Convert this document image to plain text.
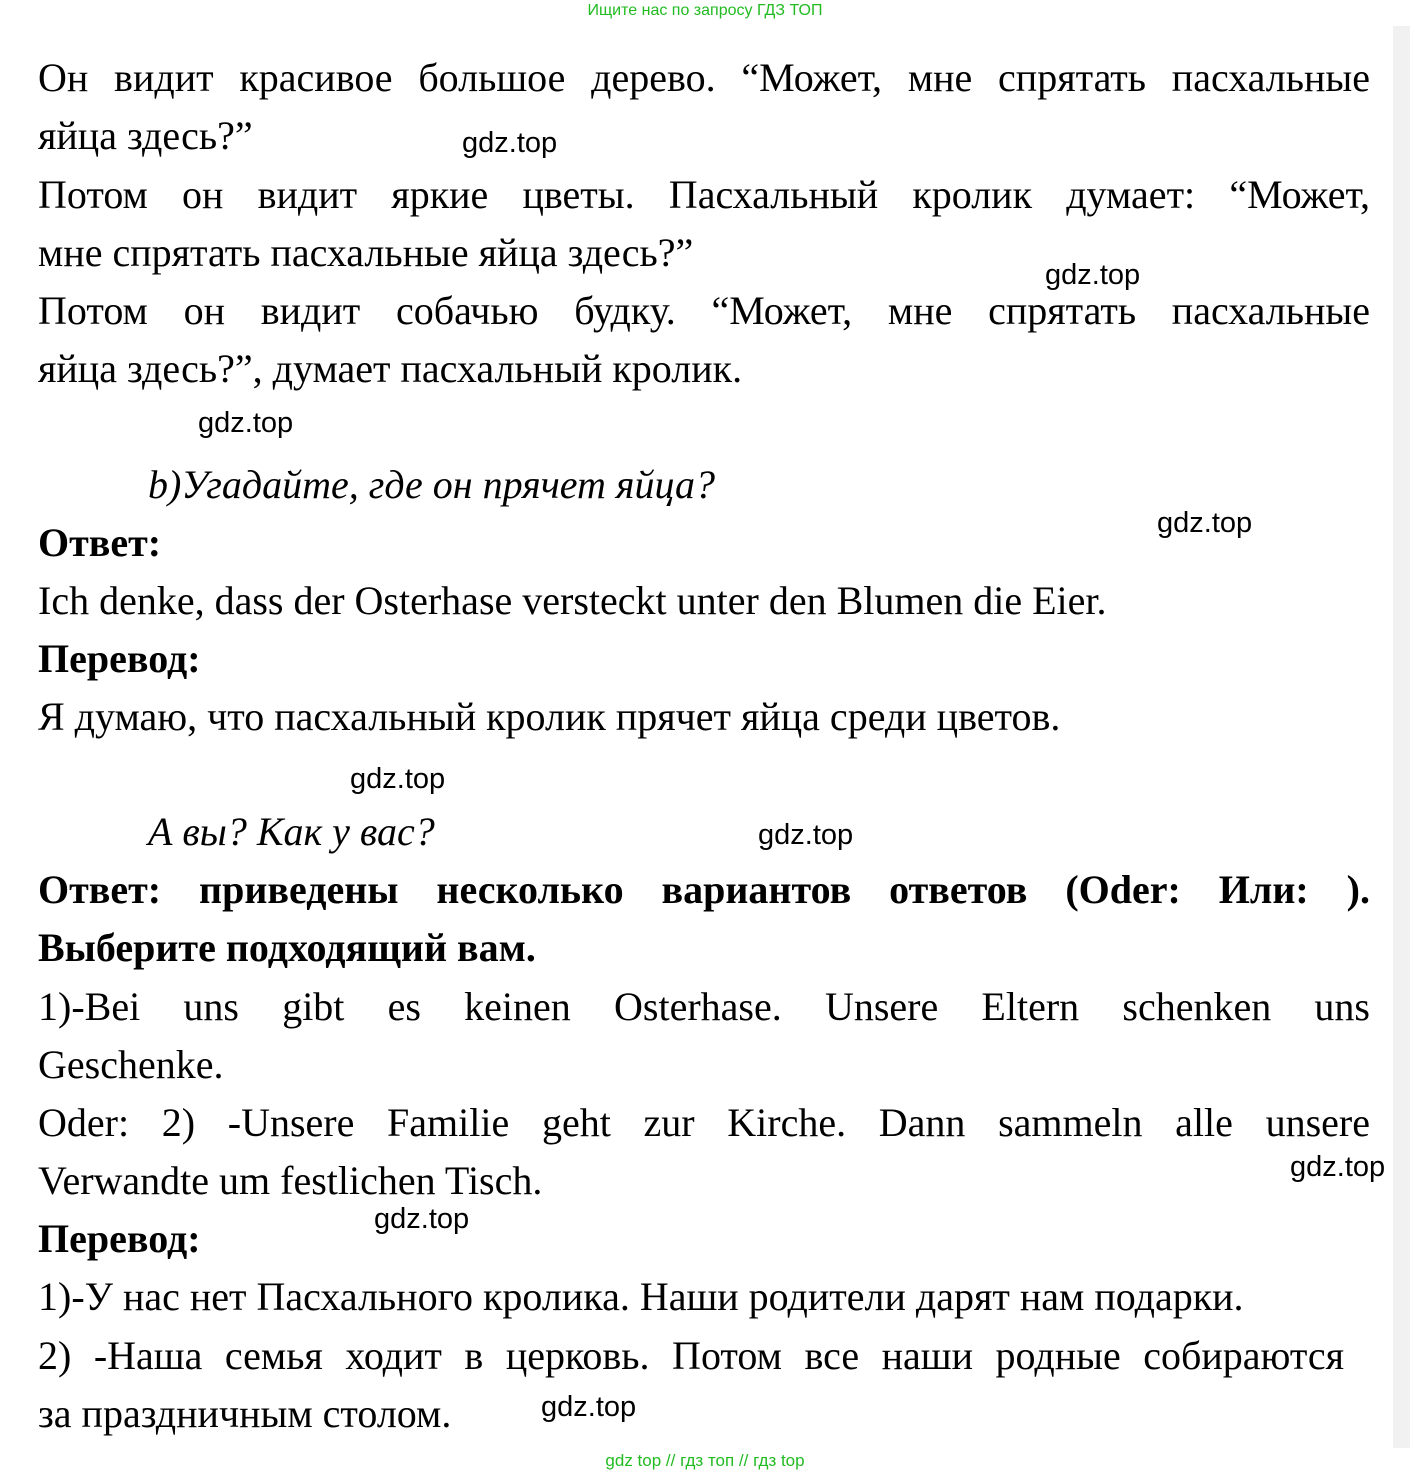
Ищите нас по запросу ГДЗ ТОП
Он видит красивое большое дерево. “Может, мне спрятать пасхальные
яйца здесь?”
Потом он видит яркие цветы. Пасхальный кролик думает: “Может,
мне спрятать пасхальные яйца здесь?”
Потом он видит собачью будку. “Может, мне спрятать пасхальные
яйца здесь?”, думает пасхальный кролик.
b)Угадайте, где он прячет яйца?
Ответ:
Ich denke, dass der Osterhase versteckt unter den Blumen die Eier.
Перевод:
Я думаю, что пасхальный кролик прячет яйца среди цветов.
А вы? Как у вас?
Ответ: приведены несколько вариантов ответов (Oder: Или: ).
Выберите подходящий вам.
1)-Bei uns gibt es keinen Osterhase. Unsere Eltern schenken uns
Geschenke.
Oder: 2) -Unsere Familie geht zur Kirche. Dann sammeln alle unsere
Verwandte um festlichen Tisch.
Перевод:
1)-У нас нет Пасхального кролика. Наши родители дарят нам подарки.
2) -Наша семья ходит в церковь. Потом все наши родные собираются
за праздничным столом.
gdz.top
gdz.top
gdz.top
gdz.top
gdz.top
gdz.top
gdz.top
gdz.top
gdz.top
gdz top // гдз топ // гдз top
